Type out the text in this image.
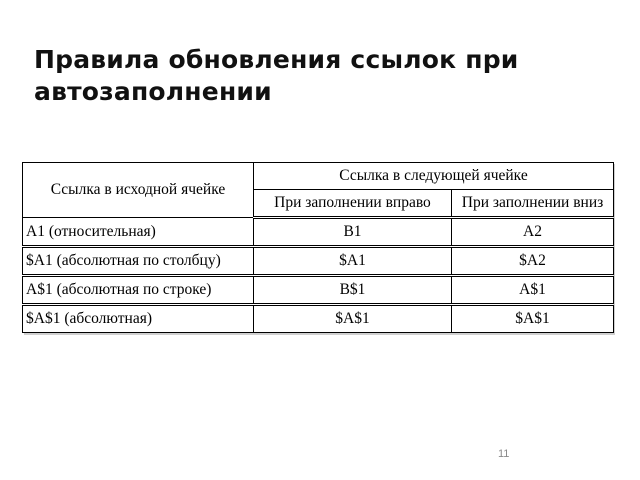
Правила обновления ссылок при автозаполнении
Ссылка в исходной ячейке	Ссылка в следующей ячейке	
	При заполнении вправо	При заполнении вниз
A1 (относительная)	B1	A2
$A1 (абсолютная по столбцу)	$A1	$A2
A$1 (абсолютная по строке)	B$1	A$1
$A$1 (абсолютная)	$A$1	$A$1
11
